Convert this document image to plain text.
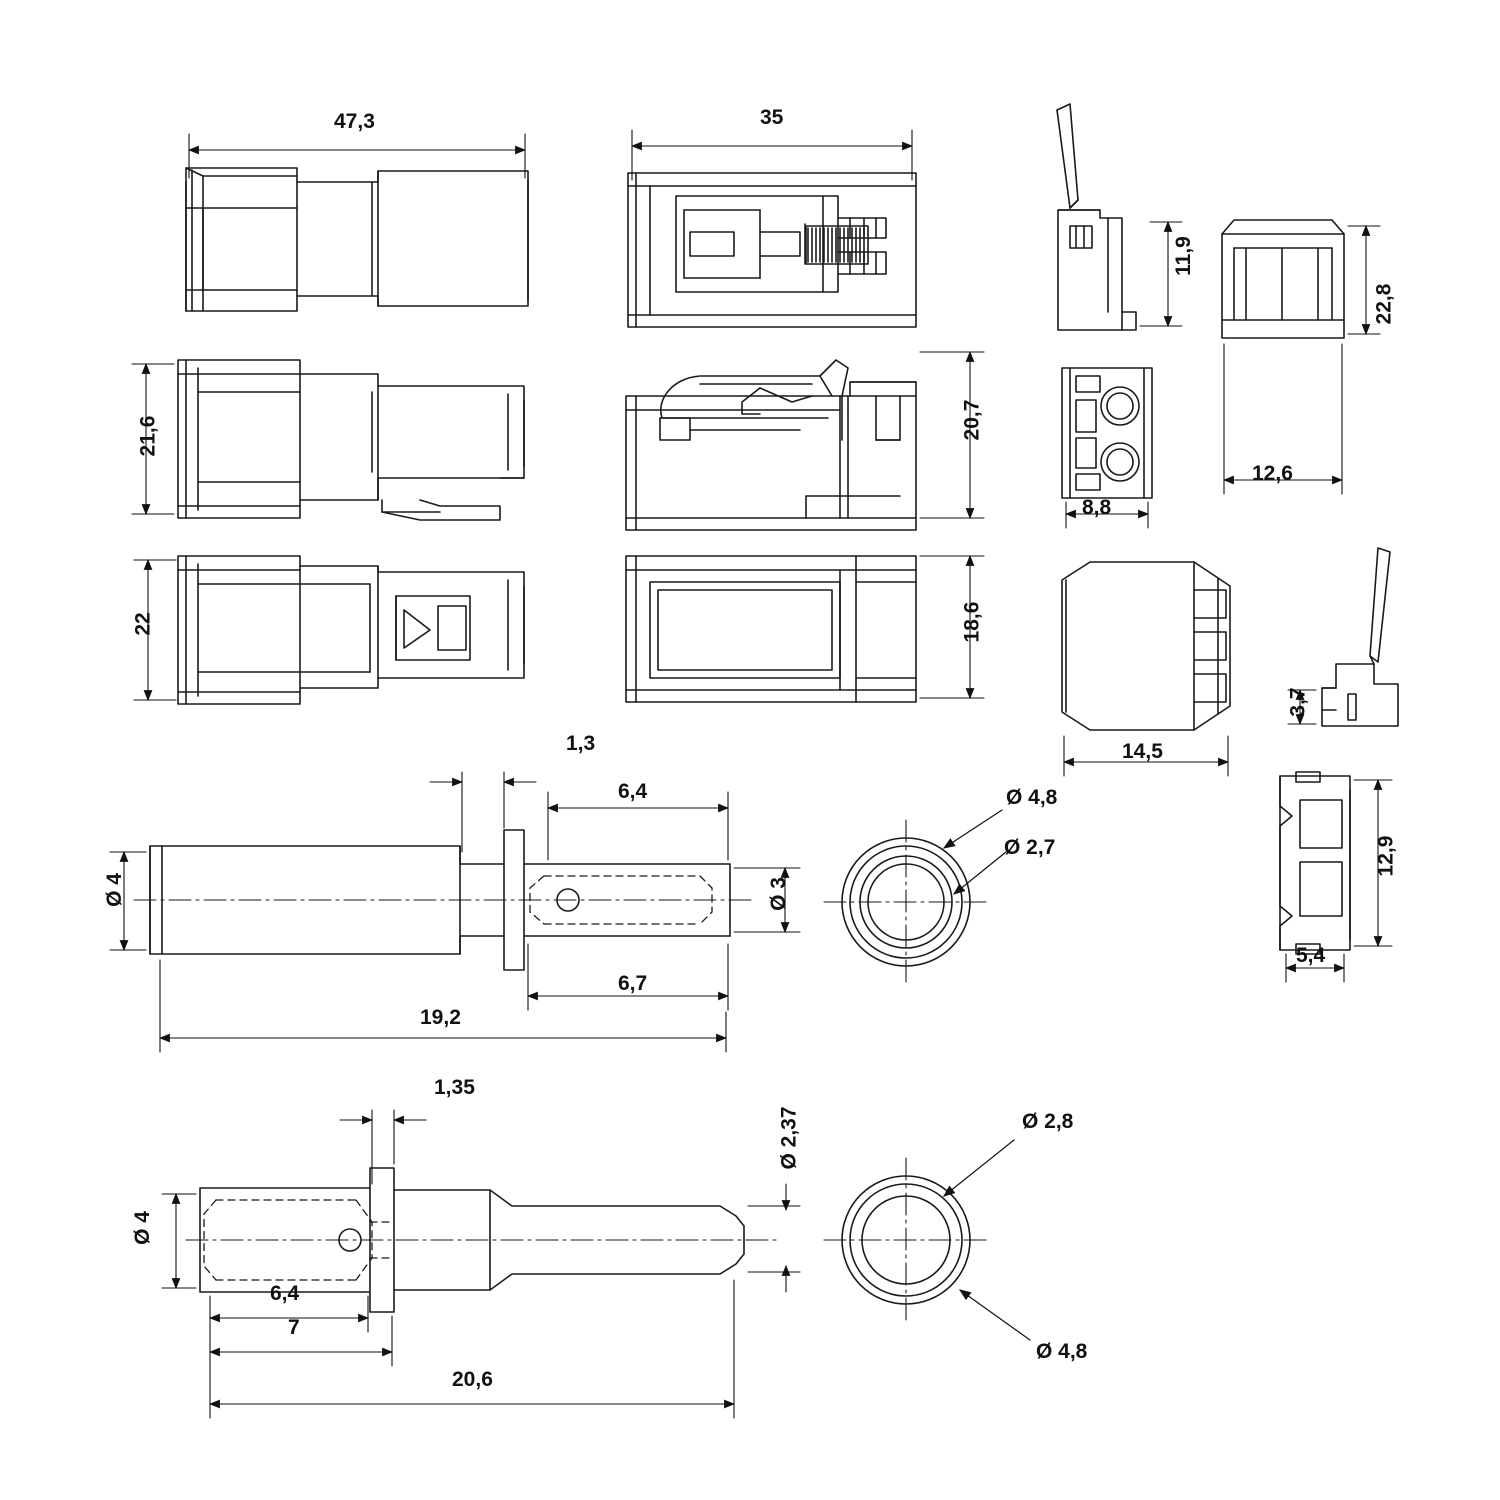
47,3	35
11,9
22,8
21,6	20,7
12,6
8,8
22	18,6
14,5
3,7
12,9
5,4
1,3
6,4
Ø 4	Ø 3
6,7
19,2
Ø 4,8
Ø 2,7
1,35
Ø 2,37
Ø 4
6,4
7
20,6
Ø 2,8
Ø 4,8
